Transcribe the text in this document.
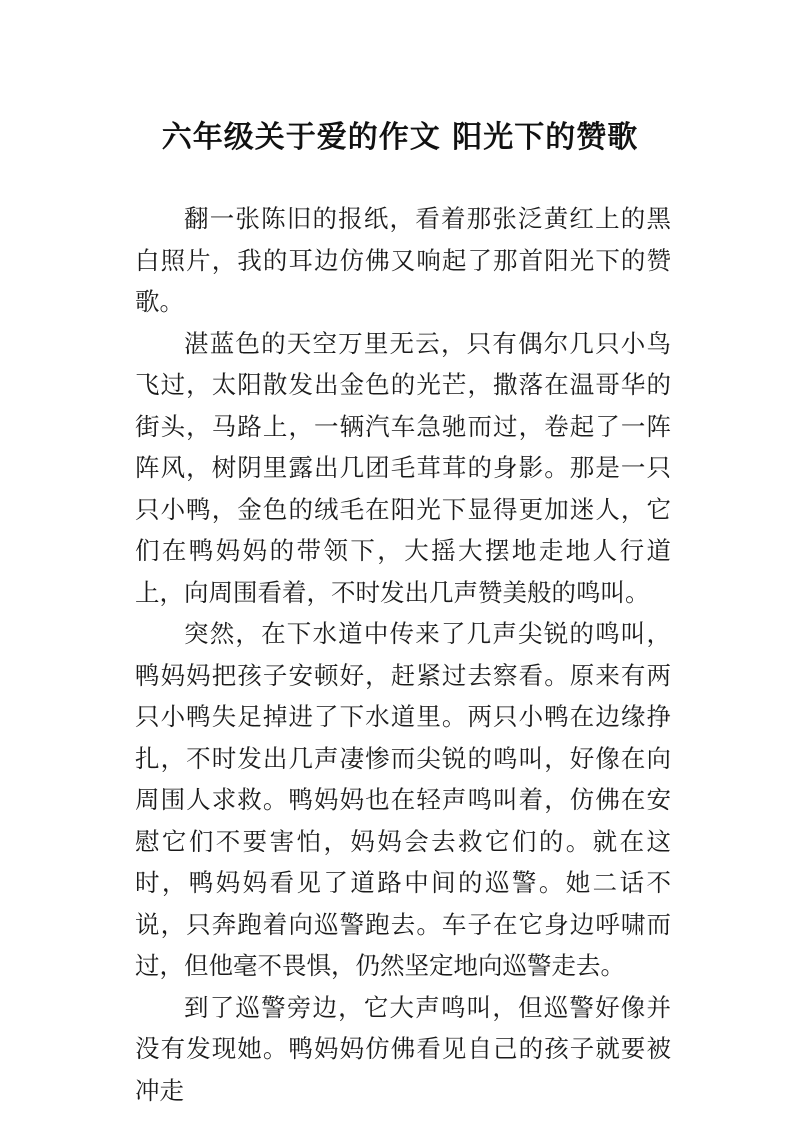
六年级关于爱的作文 阳光下的赞歌

翻一张陈旧的报纸，看着那张泛黄红上的黑白照片，我的耳边仿佛又响起了那首阳光下的赞歌。

湛蓝色的天空万里无云，只有偶尔几只小鸟飞过，太阳散发出金色的光芒，撒落在温哥华的街头，马路上，一辆汽车急驰而过，卷起了一阵阵风，树阴里露出几团毛茸茸的身影。那是一只只小鸭，金色的绒毛在阳光下显得更加迷人，它们在鸭妈妈的带领下，大摇大摆地走地人行道上，向周围看着，不时发出几声赞美般的鸣叫。

突然，在下水道中传来了几声尖锐的鸣叫，鸭妈妈把孩子安顿好，赶紧过去察看。原来有两只小鸭失足掉进了下水道里。两只小鸭在边缘挣扎，不时发出几声凄惨而尖锐的鸣叫，好像在向周围人求救。鸭妈妈也在轻声鸣叫着，仿佛在安慰它们不要害怕，妈妈会去救它们的。就在这时，鸭妈妈看见了道路中间的巡警。她二话不说，只奔跑着向巡警跑去。车子在它身边呼啸而过，但他毫不畏惧，仍然坚定地向巡警走去。

到了巡警旁边，它大声鸣叫，但巡警好像并没有发现她。鸭妈妈仿佛看见自己的孩子就要被冲走
